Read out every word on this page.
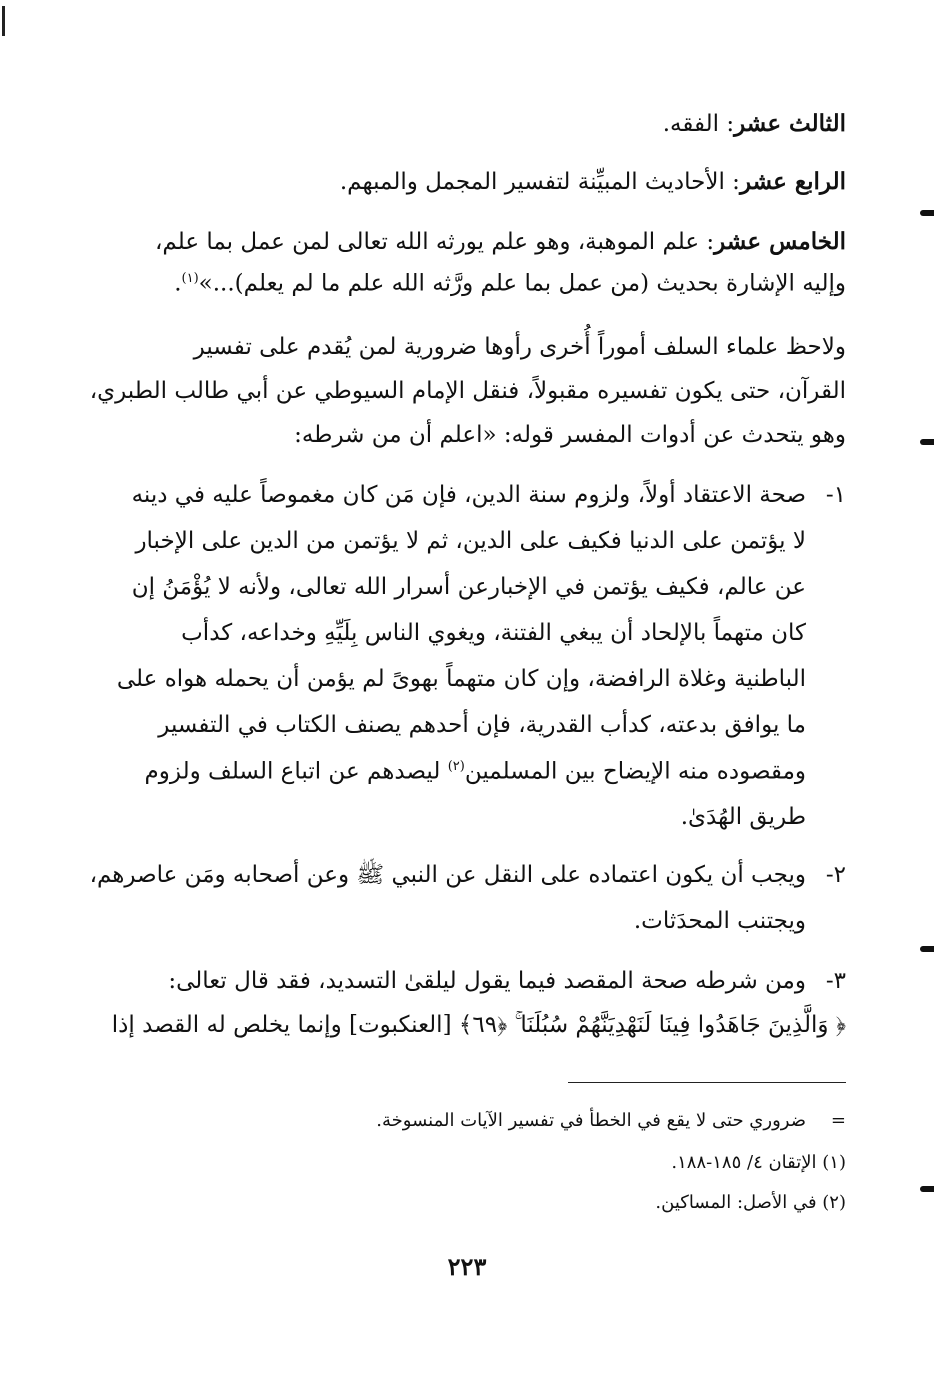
الثالث عشر: الفقه.
الرابع عشر: الأحاديث المبيِّنة لتفسير المجمل والمبهم.
الخامس عشر: علم الموهبة، وهو علم يورثه الله تعالى لمن عمل بما علم،
وإليه الإشارة بحديث (من عمل بما علم ورَّثه الله علم ما لم يعلم)...»$^{(١)}$.
ولاحظ علماء السلف أموراً أُخرى رأوها ضرورية لمن يُقدم على تفسير
القرآن، حتى يكون تفسيره مقبولاً، فنقل الإمام السيوطي عن أبي طالب الطبري،
وهو يتحدث عن أدوات المفسر قوله: «اعلم أن من شرطه:
١-صحة الاعتقاد أولاً، ولزوم سنة الدين، فإن مَن كان مغموصاً عليه في دينه
لا يؤتمن على الدنيا فكيف على الدين، ثم لا يؤتمن من الدين على الإخبار
عن عالم، فكيف يؤتمن في الإخبارعن أسرار الله تعالى، ولأنه لا يُؤْمَنُ إن
كان متهماً بالإلحاد أن يبغي الفتنة، ويغوي الناس بِلَيِّهِ وخداعه، كدأب
الباطنية وغلاة الرافضة، وإن كان متهماً بهوىً لم يؤمن أن يحمله هواه على
ما يوافق بدعته، كدأب القدرية، فإن أحدهم يصنف الكتاب في التفسير
ومقصوده منه الإيضاح بين المسلمين$^{(٢)}$ ليصدهم عن اتباع السلف ولزوم
طريق الهُدَىٰ.
٢-ويجب أن يكون اعتماده على النقل عن النبي ﷺ وعن أصحابه ومَن عاصرهم،
ويجتنب المحدَثات.
٣-ومن شرطه صحة المقصد فيما يقول ليلقىٰ التسديد، فقد قال تعالى:
﴿ وَالَّذِينَ جَاهَدُوا فِينَا لَنَهْدِيَنَّهُمْ سُبُلَنَا ۚ ﴿٦٩﴾ [العنكبوت] وإنما يخلص له القصد إذا
=ضروري حتى لا يقع في الخطأ في تفسير الآيات المنسوخة.
(١) الإتقان ٤/ ١٨٥-١٨٨.
(٢) في الأصل: المساكين.
٢٢٣
